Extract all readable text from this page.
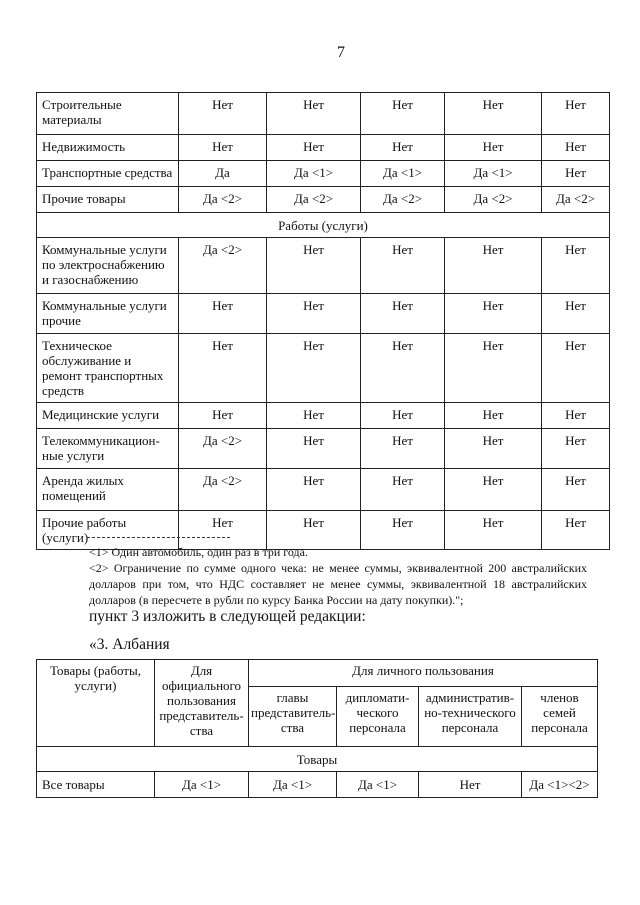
7
Строительные материалы	Нет	Нет	Нет	Нет	Нет
Недвижимость	Нет	Нет	Нет	Нет	Нет
Транспортные средства	Да	Да <1>	Да <1>	Да <1>	Нет
Прочие товары	Да <2>	Да <2>	Да <2>	Да <2>	Да <2>
Работы (услуги)					
Коммунальные услуги по электроснабжению и газоснабжению	Да <2>	Нет	Нет	Нет	Нет
Коммунальные услуги прочие	Нет	Нет	Нет	Нет	Нет
Техническое обслуживание и ремонт транспортных средств	Нет	Нет	Нет	Нет	Нет
Медицинские услуги	Нет	Нет	Нет	Нет	Нет
Телекоммуникацион-ные услуги	Да <2>	Нет	Нет	Нет	Нет
Аренда жилых помещений	Да <2>	Нет	Нет	Нет	Нет
Прочие работы (услуги)	Нет	Нет	Нет	Нет	Нет
<1> Один автомобиль, один раз в три года.
<2> Ограничение по сумме одного чека: не менее суммы, эквивалентной 200 австралийских долларов при том, что НДС составляет не менее суммы, эквивалентной 18 австралийских долларов (в пересчете в рубли по курсу Банка России на дату покупки).";
пункт 3 изложить в следующей редакции:
«3. Албания
Товары (работы, услуги)	Для официального пользования представитель-ства	Для личного пользования			
		главы представитель-ства	дипломати-ческого персонала	административ-но-технического персонала	членов семей персонала
Товары					
Все товары	Да <1>	Да <1>	Да <1>	Нет	Да <1><2>
